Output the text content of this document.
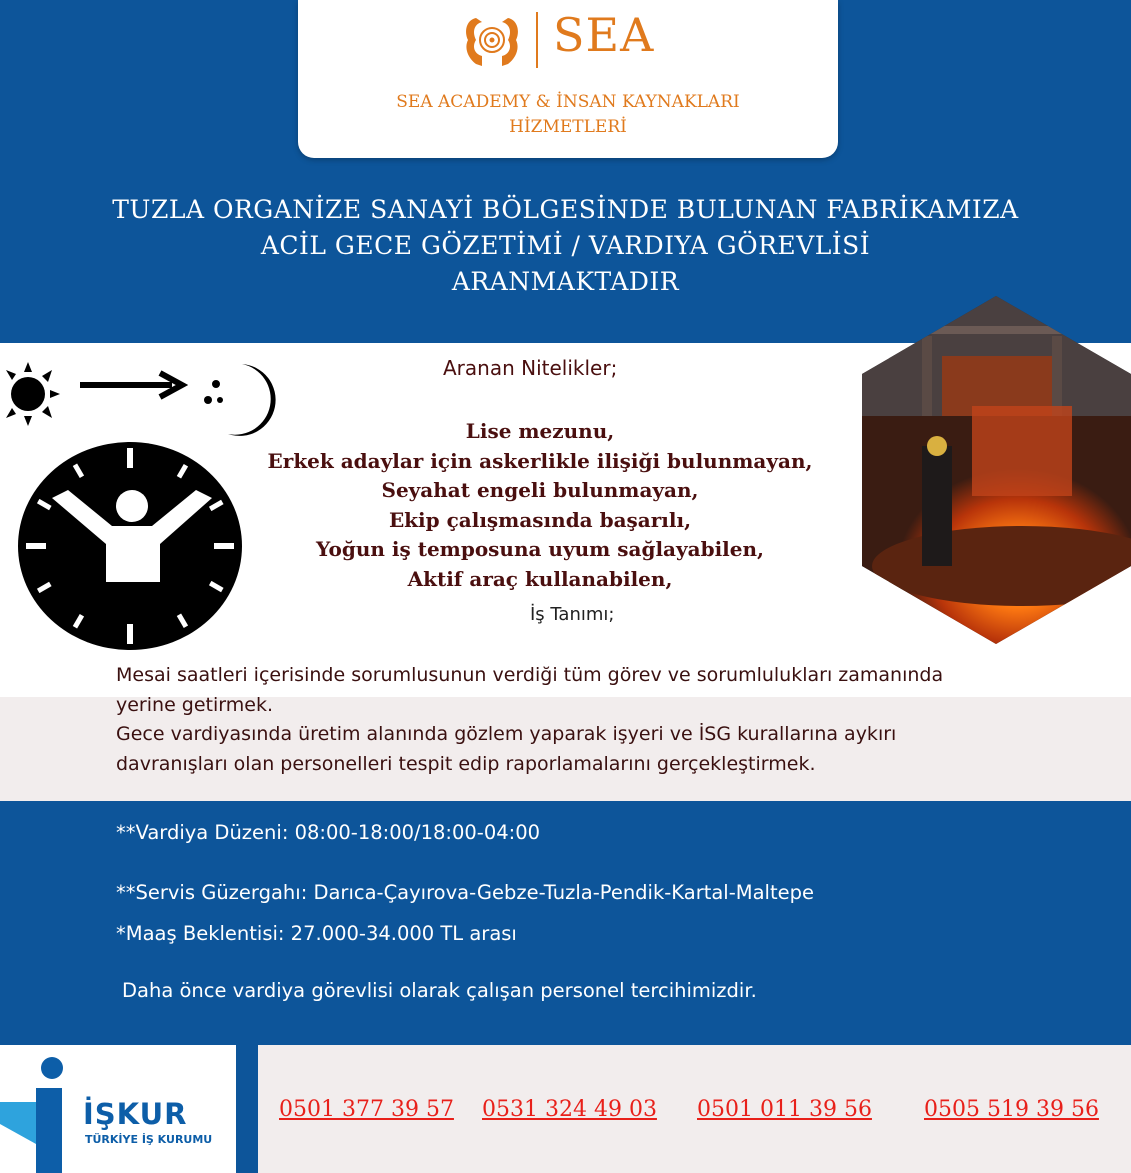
SEA
SEA ACADEMY & İNSAN KAYNAKLARI
HİZMETLERİ
TUZLA ORGANİZE SANAYİ BÖLGESİNDE BULUNAN FABRİKAMIZA
ACİL GECE GÖZETİMİ / VARDIYA GÖREVLİSİ
ARANMAKTADIR
Aranan Nitelikler;
Lise mezunu,
Erkek adaylar için askerlikle ilişiği bulunmayan,
Seyahat engeli bulunmayan,
Ekip çalışmasında başarılı,
Yoğun iş temposuna uyum sağlayabilen,
Aktif araç kullanabilen,
İş Tanımı;
Mesai saatleri içerisinde sorumlusunun verdiği tüm görev ve sorumlulukları zamanında
yerine getirmek.
Gece vardiyasında üretim alanında gözlem yaparak işyeri ve İSG kurallarına aykırı
davranışları olan personelleri tespit edip raporlamalarını gerçekleştirmek.
**Vardiya Düzeni: 08:00-18:00/18:00-04:00
**Servis Güzergahı: Darıca-Çayırova-Gebze-Tuzla-Pendik-Kartal-Maltepe
*Maaş Beklentisi: 27.000-34.000 TL arası
Daha önce vardiya görevlisi olarak çalışan personel tercihimizdir.
İŞKUR
TÜRKİYE İŞ KURUMU
0501 377 39 57 0531 324 49 03 0501 011 39 56 0505 519 39 56
